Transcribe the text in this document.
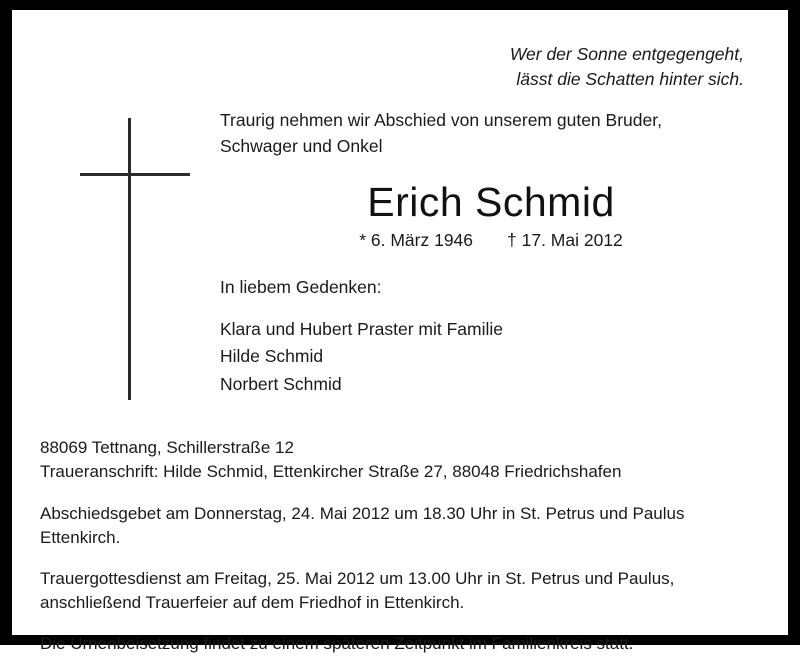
Wer der Sonne entgegengeht,
lässt die Schatten hinter sich.
Traurig nehmen wir Abschied von unserem guten Bruder,
Schwager und Onkel
Erich Schmid
* 6. März 1946 † 17. Mai 2012
In liebem Gedenken:
Klara und Hubert Praster mit Familie
Hilde Schmid
Norbert Schmid
88069 Tettnang, Schillerstraße 12
Traueranschrift: Hilde Schmid, Ettenkircher Straße 27, 88048 Friedrichshafen
Abschiedsgebet am Donnerstag, 24. Mai 2012 um 18.30 Uhr in St. Petrus und Paulus Ettenkirch.
Trauergottesdienst am Freitag, 25. Mai 2012 um 13.00 Uhr in St. Petrus und Paulus, anschließend Trauerfeier auf dem Friedhof in Ettenkirch.
Die Urnenbeisetzung findet zu einem späteren Zeitpunkt im Familienkreis statt.
